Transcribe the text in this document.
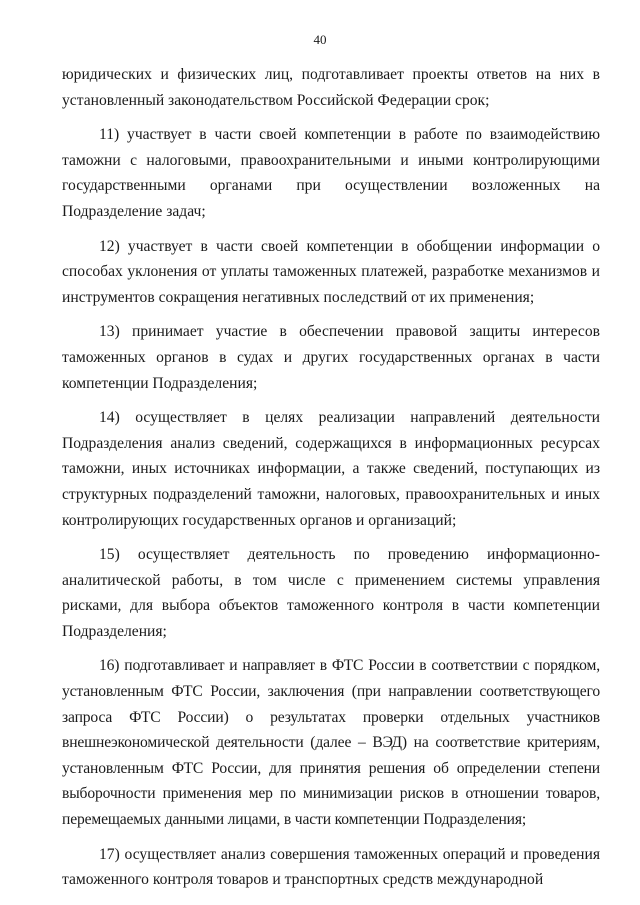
40

юридических и физических лиц, подготавливает проекты ответов на них в установленный законодательством Российской Федерации срок;

11) участвует в части своей компетенции в работе по взаимодействию таможни с налоговыми, правоохранительными и иными контролирующими государственными органами при осуществлении возложенных на Подразделение задач;

12) участвует в части своей компетенции в обобщении информации о способах уклонения от уплаты таможенных платежей, разработке механизмов и инструментов сокращения негативных последствий от их применения;

13) принимает участие в обеспечении правовой защиты интересов таможенных органов в судах и других государственных органах в части компетенции Подразделения;

14) осуществляет в целях реализации направлений деятельности Подразделения анализ сведений, содержащихся в информационных ресурсах таможни, иных источниках информации, а также сведений, поступающих из структурных подразделений таможни, налоговых, правоохранительных и иных контролирующих государственных органов и организаций;

15) осуществляет деятельность по проведению информационно-аналитической работы, в том числе с применением системы управления рисками, для выбора объектов таможенного контроля в части компетенции Подразделения;

16) подготавливает и направляет в ФТС России в соответствии с порядком, установленным ФТС России, заключения (при направлении соответствующего запроса ФТС России) о результатах проверки отдельных участников внешнеэкономической деятельности (далее – ВЭД) на соответствие критериям, установленным ФТС России, для принятия решения об определении степени выборочности применения мер по минимизации рисков в отношении товаров, перемещаемых данными лицами, в части компетенции Подразделения;

17) осуществляет анализ совершения таможенных операций и проведения таможенного контроля товаров и транспортных средств международной
